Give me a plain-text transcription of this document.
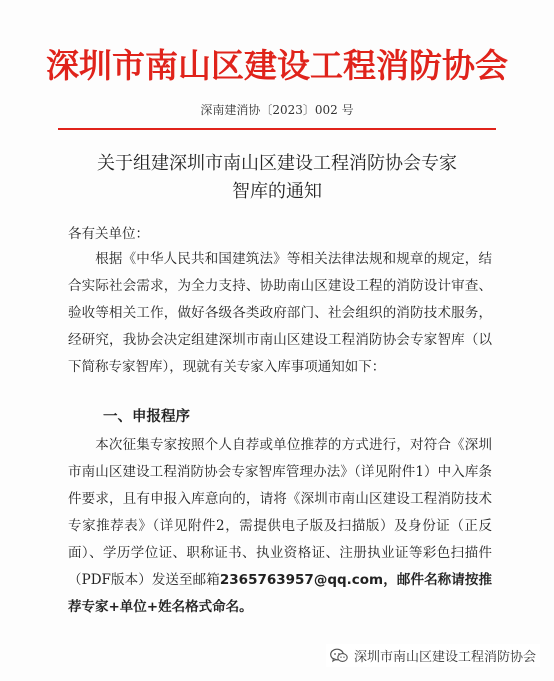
深圳市南山区建设工程消防协会
深南建消协〔2023〕002 号
关于组建深圳市南山区建设工程消防协会专家
智库的通知
各有关单位：
根据《中华人民共和国建筑法》等相关法律法规和规章的规定，结合实际社会需求，为全力支持、协助南山区建设工程的消防设计审查、验收等相关工作，做好各级各类政府部门、社会组织的消防技术服务，经研究，我协会决定组建深圳市南山区建设工程消防协会专家智库（以下简称专家智库），现就有关专家入库事项通知如下：
一、申报程序
本次征集专家按照个人自荐或单位推荐的方式进行，对符合《深圳市南山区建设工程消防协会专家智库管理办法》（详见附件1）中入库条件要求，且有申报入库意向的，请将《深圳市南山区建设工程消防技术专家推荐表》（详见附件2，需提供电子版及扫描版）及身份证（正反面）、学历学位证、职称证书、执业资格证、注册执业证等彩色扫描件（PDF版本）发送至邮箱2365763957@qq.com，邮件名称请按推荐专家+单位+姓名格式命名。
深圳市南山区建设工程消防协会
